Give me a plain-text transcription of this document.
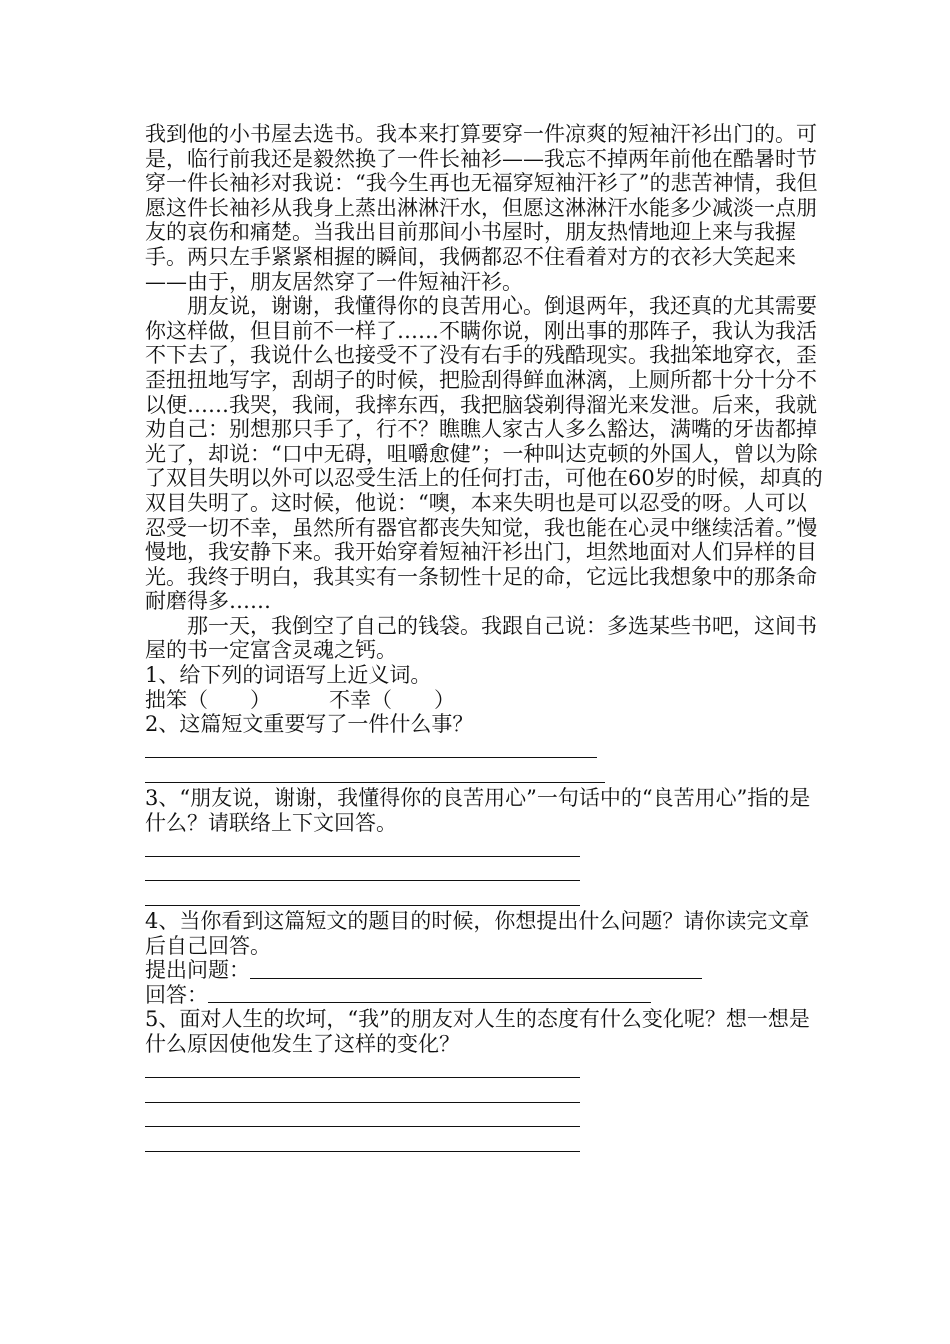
我到他的小书屋去选书。我本来打算要穿一件凉爽的短袖汗衫出门的。可是，临行前我还是毅然换了一件长袖衫——我忘不掉两年前他在酷暑时节穿一件长袖衫对我说：“我今生再也无福穿短袖汗衫了”的悲苦神情，我但愿这件长袖衫从我身上蒸出淋淋汗水，但愿这淋淋汗水能多少减淡一点朋友的哀伤和痛楚。当我出目前那间小书屋时，朋友热情地迎上来与我握手。两只左手紧紧相握的瞬间，我俩都忍不住看着对方的衣衫大笑起来——由于，朋友居然穿了一件短袖汗衫。

朋友说，谢谢，我懂得你的良苦用心。倒退两年，我还真的尤其需要你这样做，但目前不一样了……不瞒你说，刚出事的那阵子，我认为我活不下去了，我说什么也接受不了没有右手的残酷现实。我拙笨地穿衣，歪歪扭扭地写字，刮胡子的时候，把脸刮得鲜血淋漓，上厕所都十分十分不以便……我哭，我闹，我摔东西，我把脑袋剃得溜光来发泄。后来，我就劝自己：别想那只手了，行不？瞧瞧人家古人多么豁达，满嘴的牙齿都掉光了，却说：“口中无碍，咀嚼愈健”；一种叫达克顿的外国人，曾以为除了双目失明以外可以忍受生活上的任何打击，可他在60岁的时候，却真的双目失明了。这时候，他说：“噢，本来失明也是可以忍受的呀。人可以忍受一切不幸，虽然所有器官都丧失知觉，我也能在心灵中继续活着。”慢慢地，我安静下来。我开始穿着短袖汗衫出门，坦然地面对人们异样的目光。我终于明白，我其实有一条韧性十足的命，它远比我想象中的那条命耐磨得多……

那一天，我倒空了自己的钱袋。我跟自己说：多选某些书吧，这间书屋的书一定富含灵魂之钙。

1、给下列的词语写上近义词。

拙笨（　　）	不幸（　　）

2、这篇短文重要写了一件什么事？

3、“朋友说，谢谢，我懂得你的良苦用心”一句话中的“良苦用心”指的是什么？请联络上下文回答。

4、当你看到这篇短文的题目的时候，你想提出什么问题？请你读完文章后自己回答。

提出问题：
回答：

5、面对人生的坎坷，“我”的朋友对人生的态度有什么变化呢？想一想是什么原因使他发生了这样的变化？
